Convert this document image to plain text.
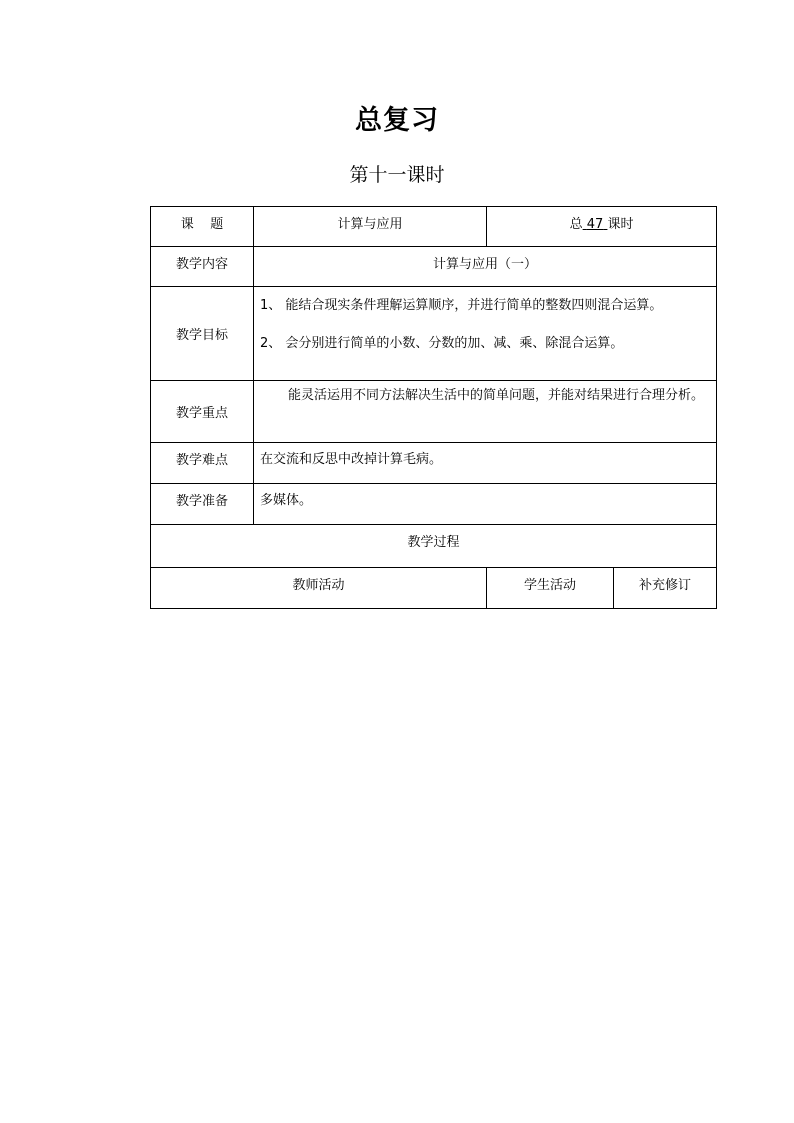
总复习
第十一课时
课    题	计算与应用	总 47 课时	
教学内容	计算与应用（一）		
教学目标	1、 能结合现实条件理解运算顺序，并进行简单的整数四则混合运算。

2、 会分别进行简单的小数、分数的加、减、乘、除混合运算。		

教学重点	能灵活运用不同方法解决生活中的简单问题，并能对结果进行合理分析。		
教学难点	在交流和反思中改掉计算毛病。		
教学准备	多媒体。		
教学过程			
教师活动		学生活动	补充修订
